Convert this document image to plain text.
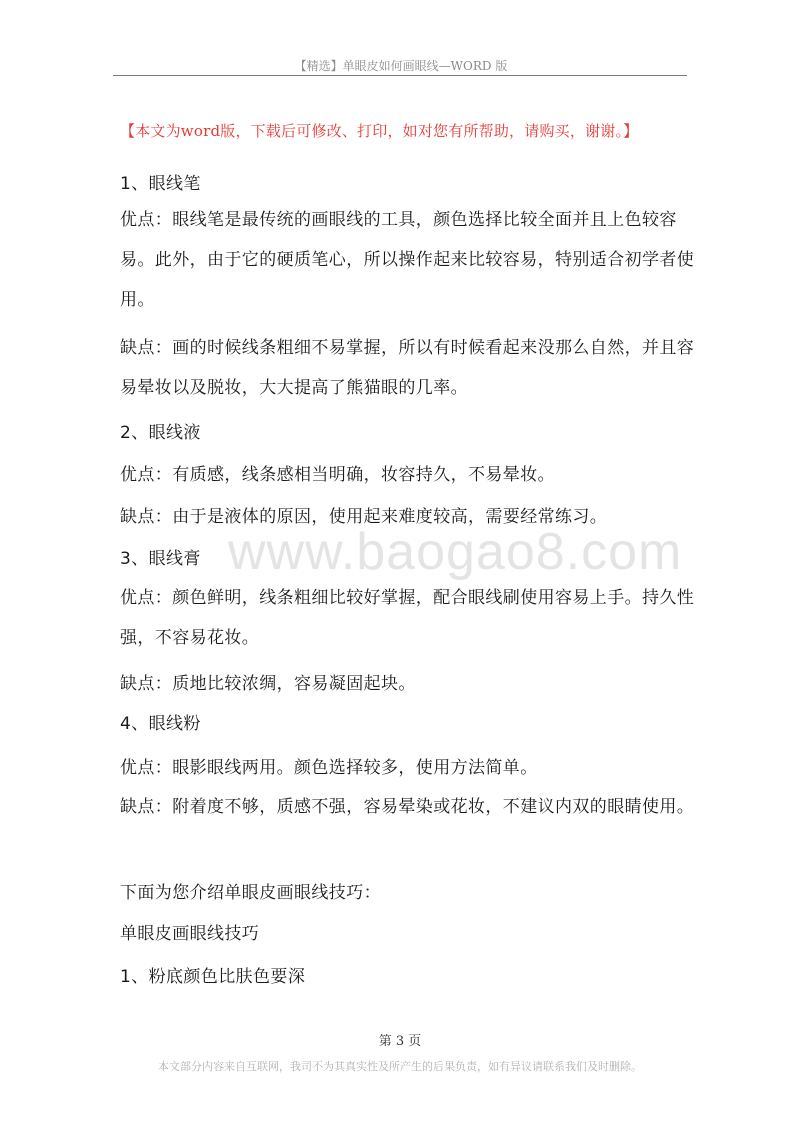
【精选】单眼皮如何画眼线—WORD 版
【本文为word版，下载后可修改、打印，如对您有所帮助，请购买，谢谢。】

1、眼线笔

优点：眼线笔是最传统的画眼线的工具，颜色选择比较全面并且上色较容易。此外，由于它的硬质笔心，所以操作起来比较容易，特别适合初学者使用。

缺点：画的时候线条粗细不易掌握，所以有时候看起来没那么自然，并且容易晕妆以及脱妆，大大提高了熊猫眼的几率。

2、眼线液

优点：有质感，线条感相当明确，妆容持久，不易晕妆。

缺点：由于是液体的原因，使用起来难度较高，需要经常练习。

www.baogao8.com

3、眼线膏

优点：颜色鲜明，线条粗细比较好掌握，配合眼线刷使用容易上手。持久性强，不容易花妆。

缺点：质地比较浓绸，容易凝固起块。

4、眼线粉

优点：眼影眼线两用。颜色选择较多，使用方法简单。

缺点：附着度不够，质感不强，容易晕染或花妆，不建议内双的眼睛使用。

下面为您介绍单眼皮画眼线技巧：

单眼皮画眼线技巧

1、粉底颜色比肤色要深

第 3 页
本文部分内容来自互联网，我司不为其真实性及所产生的后果负责，如有异议请联系我们及时删除。
